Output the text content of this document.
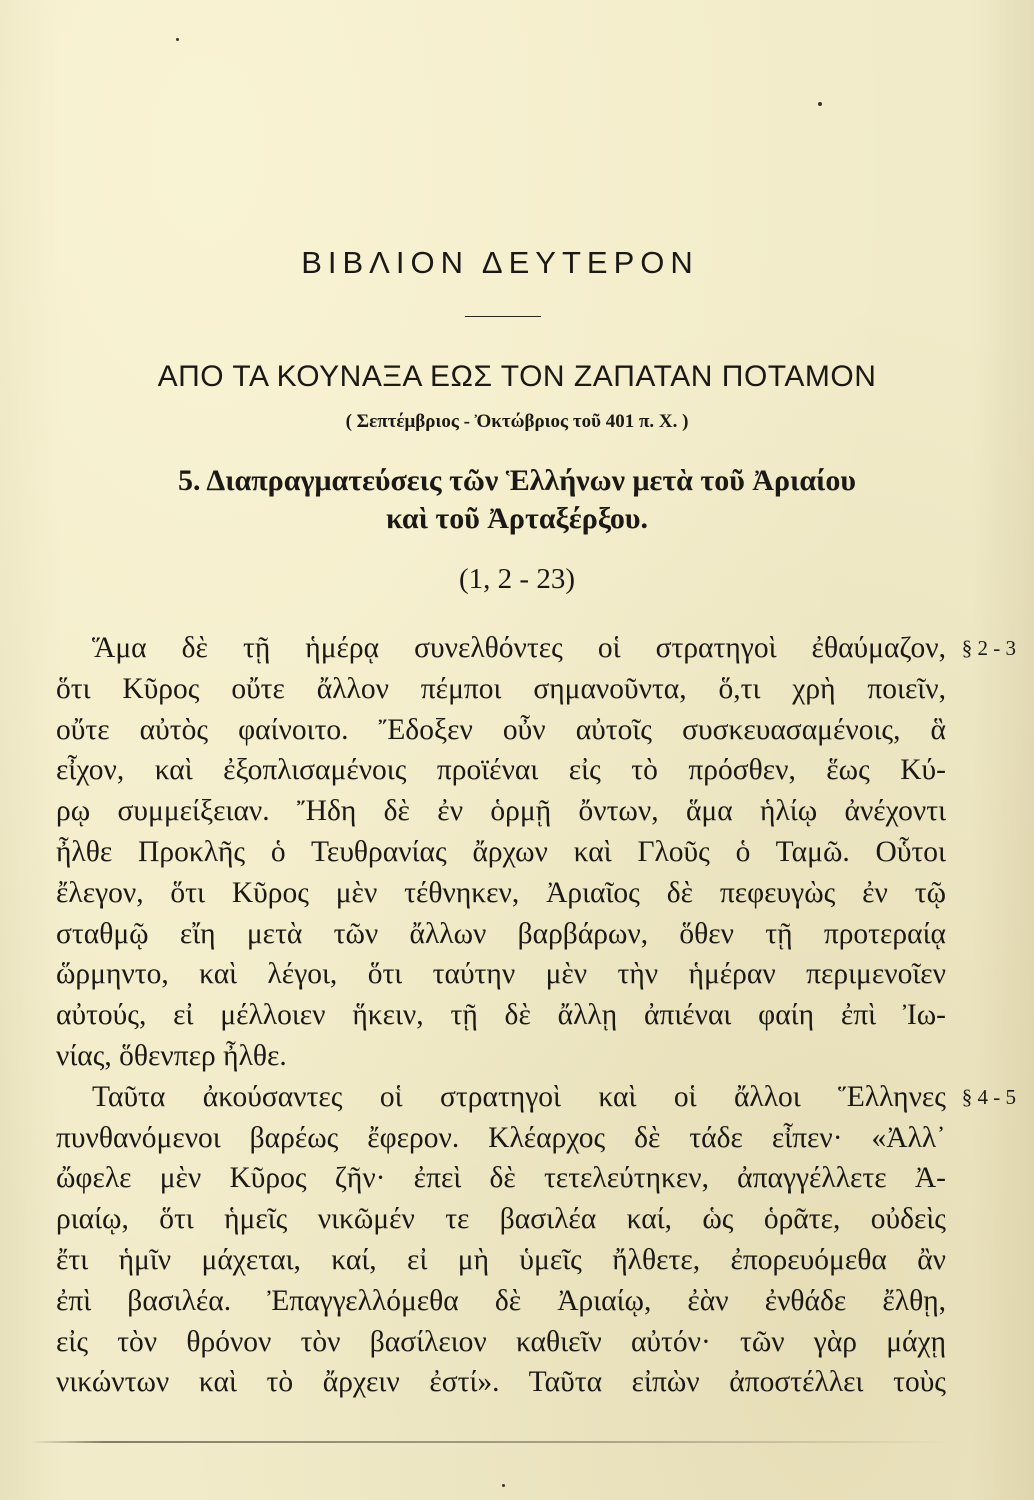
ΒΙΒΛΙΟΝ ΔΕΥΤΕΡΟΝ
ΑΠΟ ΤΑ ΚΟΥΝΑΞΑ ΕΩΣ ΤΟΝ ΖΑΠΑΤΑΝ ΠΟΤΑΜΟΝ
( Σεπτέμβριος - Ὀκτώβριος τοῦ 401 π. Χ. )
5. Διαπραγματεύσεις τῶν Ἑλλήνων μετὰ τοῦ Ἀριαίου
καὶ τοῦ Ἀρταξέρξου.
(1, 2 - 23)
§ 2 - 3
Ἅμα δὲ τῇ ἡμέρᾳ συνελθόντες οἱ στρατηγοὶ ἐθαύμαζον,
ὅτι Κῦρος οὔτε ἄλλον πέμποι σημανοῦντα, ὅ,τι χρὴ ποιεῖν,
οὔτε αὐτὸς φαίνοιτο. Ἔδοξεν οὖν αὐτοῖς συσκευασαμένοις, ἃ
εἶχον, καὶ ἐξοπλισαμένοις προϊέναι εἰς τὸ πρόσθεν, ἕως Κύ-
ρῳ συμμείξειαν. Ἤδη δὲ ἐν ὁρμῇ ὄντων, ἅμα ἡλίῳ ἀνέχοντι
ἦλθε Προκλῆς ὁ Τευθρανίας ἄρχων καὶ Γλοῦς ὁ Ταμῶ. Οὗτοι
ἔλεγον, ὅτι Κῦρος μὲν τέθνηκεν, Ἀριαῖος δὲ πεφευγὼς ἐν τῷ
σταθμῷ εἴη μετὰ τῶν ἄλλων βαρβάρων, ὅθεν τῇ προτεραίᾳ
ὥρμηντο, καὶ λέγοι, ὅτι ταύτην μὲν τὴν ἡμέραν περιμενοῖεν
αὐτούς, εἰ μέλλοιεν ἥκειν, τῇ δὲ ἄλλῃ ἀπιέναι φαίη ἐπὶ Ἰω-
νίας, ὅθενπερ ἦλθε.
§ 4 - 5
Ταῦτα ἀκούσαντες οἱ στρατηγοὶ καὶ οἱ ἄλλοι Ἕλληνες
πυνθανόμενοι βαρέως ἔφερον. Κλέαρχος δὲ τάδε εἶπεν· «Ἀλλ᾽
ὤφελε μὲν Κῦρος ζῆν· ἐπεὶ δὲ τετελεύτηκεν, ἀπαγγέλλετε Ἀ-
ριαίῳ, ὅτι ἡμεῖς νικῶμέν τε βασιλέα καί, ὡς ὁρᾶτε, οὐδεὶς
ἔτι ἡμῖν μάχεται, καί, εἰ μὴ ὑμεῖς ἤλθετε, ἐπορευόμεθα ἂν
ἐπὶ βασιλέα. Ἐπαγγελλόμεθα δὲ Ἀριαίῳ, ἐὰν ἐνθάδε ἔλθῃ,
εἰς τὸν θρόνον τὸν βασίλειον καθιεῖν αὐτόν· τῶν γὰρ μάχῃ
νικώντων καὶ τὸ ἄρχειν ἐστί». Ταῦτα εἰπὼν ἀποστέλλει τοὺς
